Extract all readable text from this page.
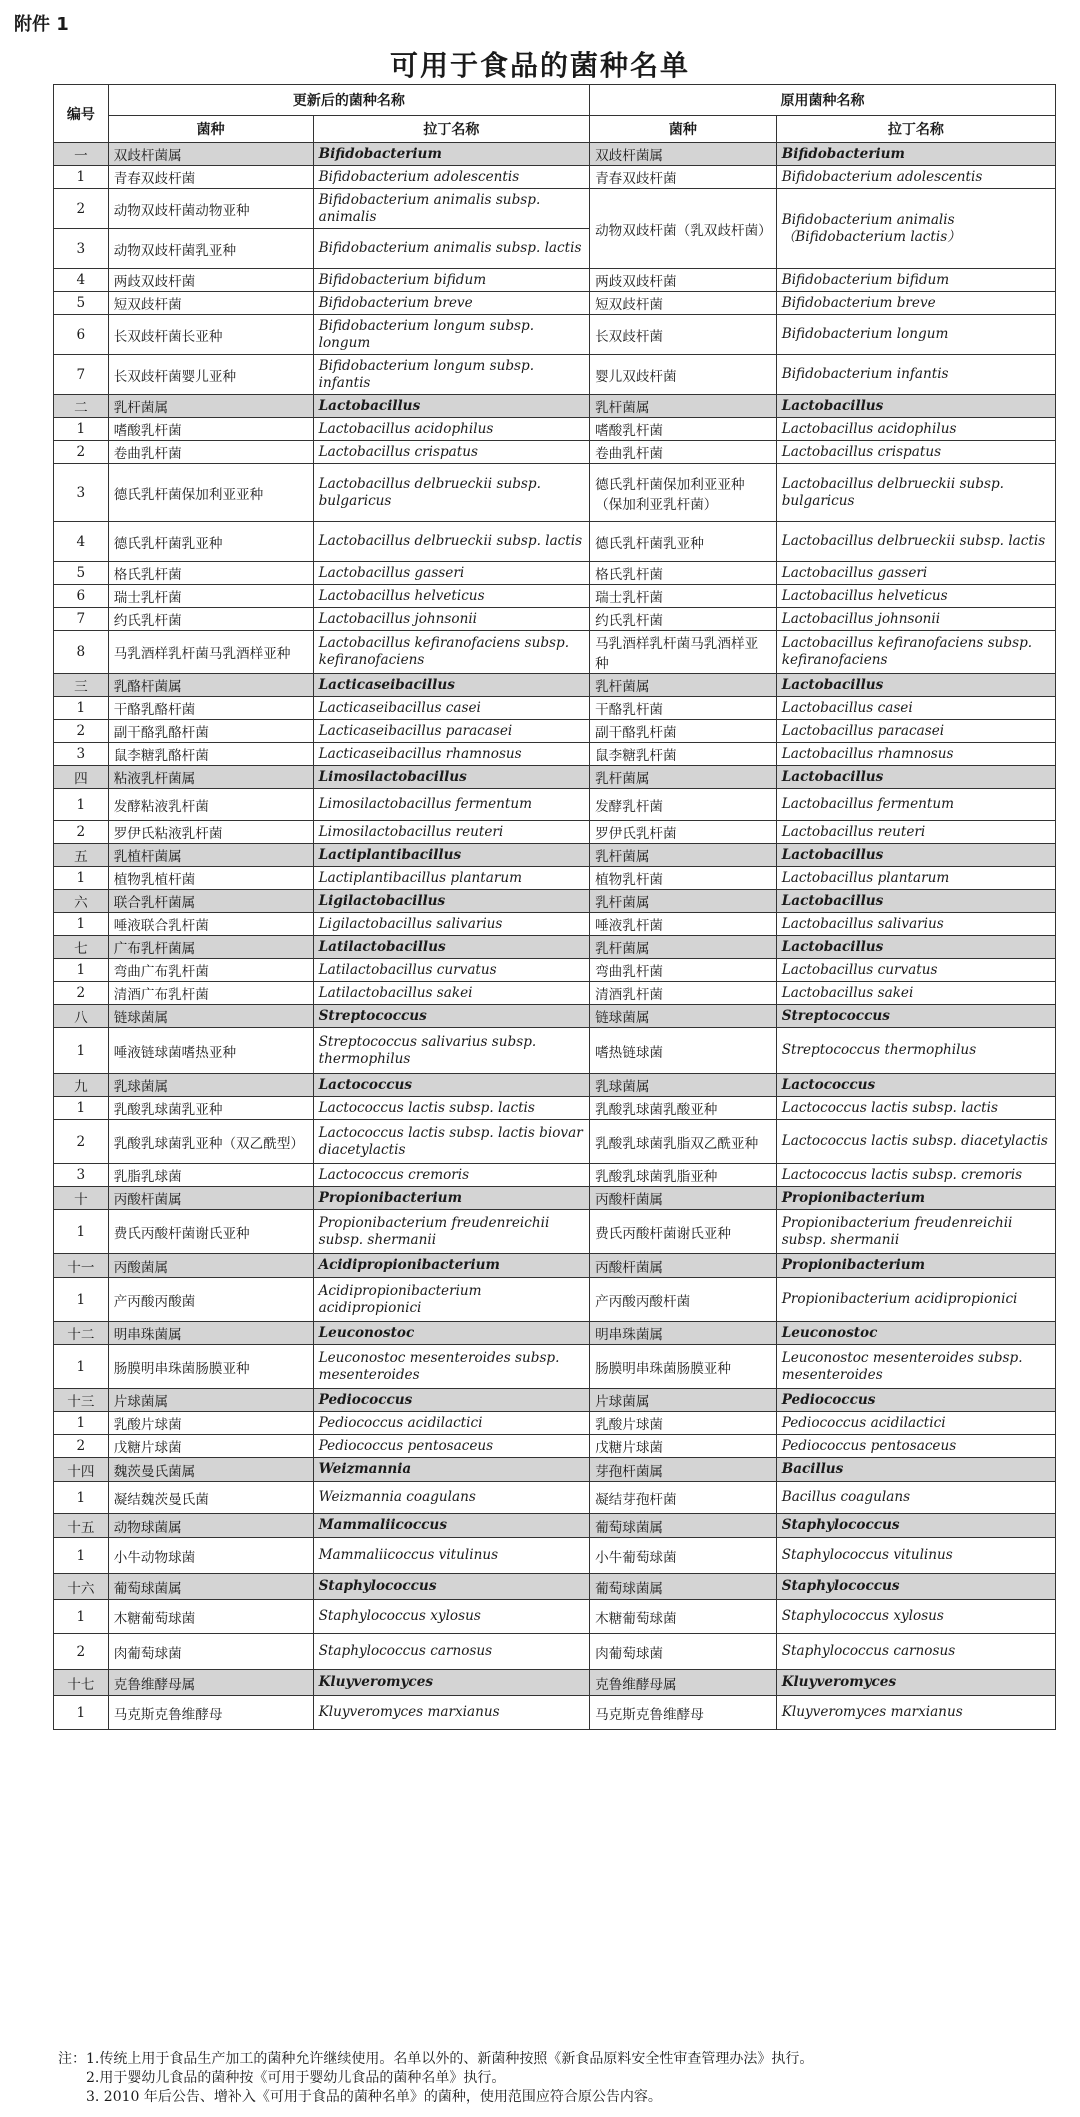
附件 1
可用于食品的菌种名单
编号	更新后的菌种名称		原用菌种名称	
	菌种	拉丁名称	菌种	拉丁名称
一	双歧杆菌属	Bifidobacterium	双歧杆菌属	Bifidobacterium
1	青春双歧杆菌	Bifidobacterium adolescentis	青春双歧杆菌	Bifidobacterium adolescentis
2	动物双歧杆菌动物亚种	Bifidobacterium animalis subsp. animalis	动物双歧杆菌（乳双歧杆菌）	Bifidobacterium animalis（Bifidobacterium lactis）
3	动物双歧杆菌乳亚种	Bifidobacterium animalis subsp. lactis		
4	两歧双歧杆菌	Bifidobacterium bifidum	两歧双歧杆菌	Bifidobacterium bifidum
5	短双歧杆菌	Bifidobacterium breve	短双歧杆菌	Bifidobacterium breve
6	长双歧杆菌长亚种	Bifidobacterium longum subsp. longum	长双歧杆菌	Bifidobacterium longum
7	长双歧杆菌婴儿亚种	Bifidobacterium longum subsp. infantis	婴儿双歧杆菌	Bifidobacterium infantis
二	乳杆菌属	Lactobacillus	乳杆菌属	Lactobacillus
1	嗜酸乳杆菌	Lactobacillus acidophilus	嗜酸乳杆菌	Lactobacillus acidophilus
2	卷曲乳杆菌	Lactobacillus crispatus	卷曲乳杆菌	Lactobacillus crispatus
3	德氏乳杆菌保加利亚亚种	Lactobacillus delbrueckii subsp. bulgaricus	德氏乳杆菌保加利亚亚种（保加利亚乳杆菌）	Lactobacillus delbrueckii subsp. bulgaricus
4	德氏乳杆菌乳亚种	Lactobacillus delbrueckii subsp. lactis	德氏乳杆菌乳亚种	Lactobacillus delbrueckii subsp. lactis
5	格氏乳杆菌	Lactobacillus gasseri	格氏乳杆菌	Lactobacillus gasseri
6	瑞士乳杆菌	Lactobacillus helveticus	瑞士乳杆菌	Lactobacillus helveticus
7	约氏乳杆菌	Lactobacillus johnsonii	约氏乳杆菌	Lactobacillus johnsonii
8	马乳酒样乳杆菌马乳酒样亚种	Lactobacillus kefiranofaciens subsp. kefiranofaciens	马乳酒样乳杆菌马乳酒样亚种	Lactobacillus kefiranofaciens subsp. kefiranofaciens
三	乳酪杆菌属	Lacticaseibacillus	乳杆菌属	Lactobacillus
1	干酪乳酪杆菌	Lacticaseibacillus casei	干酪乳杆菌	Lactobacillus casei
2	副干酪乳酪杆菌	Lacticaseibacillus paracasei	副干酪乳杆菌	Lactobacillus paracasei
3	鼠李糖乳酪杆菌	Lacticaseibacillus rhamnosus	鼠李糖乳杆菌	Lactobacillus rhamnosus
四	粘液乳杆菌属	Limosilactobacillus	乳杆菌属	Lactobacillus
1	发酵粘液乳杆菌	Limosilactobacillus fermentum	发酵乳杆菌	Lactobacillus fermentum
2	罗伊氏粘液乳杆菌	Limosilactobacillus reuteri	罗伊氏乳杆菌	Lactobacillus reuteri
五	乳植杆菌属	Lactiplantibacillus	乳杆菌属	Lactobacillus
1	植物乳植杆菌	Lactiplantibacillus plantarum	植物乳杆菌	Lactobacillus plantarum
六	联合乳杆菌属	Ligilactobacillus	乳杆菌属	Lactobacillus
1	唾液联合乳杆菌	Ligilactobacillus salivarius	唾液乳杆菌	Lactobacillus salivarius
七	广布乳杆菌属	Latilactobacillus	乳杆菌属	Lactobacillus
1	弯曲广布乳杆菌	Latilactobacillus curvatus	弯曲乳杆菌	Lactobacillus curvatus
2	清酒广布乳杆菌	Latilactobacillus sakei	清酒乳杆菌	Lactobacillus sakei
八	链球菌属	Streptococcus	链球菌属	Streptococcus
1	唾液链球菌嗜热亚种	Streptococcus salivarius subsp. thermophilus	嗜热链球菌	Streptococcus thermophilus
九	乳球菌属	Lactococcus	乳球菌属	Lactococcus
1	乳酸乳球菌乳亚种	Lactococcus lactis subsp. lactis	乳酸乳球菌乳酸亚种	Lactococcus lactis subsp. lactis
2	乳酸乳球菌乳亚种（双乙酰型）	Lactococcus lactis subsp. lactis biovar diacetylactis	乳酸乳球菌乳脂双乙酰亚种	Lactococcus lactis subsp. diacetylactis
3	乳脂乳球菌	Lactococcus cremoris	乳酸乳球菌乳脂亚种	Lactococcus lactis subsp. cremoris
十	丙酸杆菌属	Propionibacterium	丙酸杆菌属	Propionibacterium
1	费氏丙酸杆菌谢氏亚种	Propionibacterium freudenreichii subsp. shermanii	费氏丙酸杆菌谢氏亚种	Propionibacterium freudenreichii subsp. shermanii
十一	丙酸菌属	Acidipropionibacterium	丙酸杆菌属	Propionibacterium
1	产丙酸丙酸菌	Acidipropionibacterium acidipropionici	产丙酸丙酸杆菌	Propionibacterium acidipropionici
十二	明串珠菌属	Leuconostoc	明串珠菌属	Leuconostoc
1	肠膜明串珠菌肠膜亚种	Leuconostoc mesenteroides subsp. mesenteroides	肠膜明串珠菌肠膜亚种	Leuconostoc mesenteroides subsp. mesenteroides
十三	片球菌属	Pediococcus	片球菌属	Pediococcus
1	乳酸片球菌	Pediococcus acidilactici	乳酸片球菌	Pediococcus acidilactici
2	戊糖片球菌	Pediococcus pentosaceus	戊糖片球菌	Pediococcus pentosaceus
十四	魏茨曼氏菌属	Weizmannia	芽孢杆菌属	Bacillus
1	凝结魏茨曼氏菌	Weizmannia coagulans	凝结芽孢杆菌	Bacillus coagulans
十五	动物球菌属	Mammaliicoccus	葡萄球菌属	Staphylococcus
1	小牛动物球菌	Mammaliicoccus vitulinus	小牛葡萄球菌	Staphylococcus vitulinus
十六	葡萄球菌属	Staphylococcus	葡萄球菌属	Staphylococcus
1	木糖葡萄球菌	Staphylococcus xylosus	木糖葡萄球菌	Staphylococcus xylosus
2	肉葡萄球菌	Staphylococcus carnosus	肉葡萄球菌	Staphylococcus carnosus
十七	克鲁维酵母属	Kluyveromyces	克鲁维酵母属	Kluyveromyces
1	马克斯克鲁维酵母	Kluyveromyces marxianus	马克斯克鲁维酵母	Kluyveromyces marxianus
注：1.传统上用于食品生产加工的菌种允许继续使用。名单以外的、新菌种按照《新食品原料安全性审查管理办法》执行。
2.用于婴幼儿食品的菌种按《可用于婴幼儿食品的菌种名单》执行。
3. 2010 年后公告、增补入《可用于食品的菌种名单》的菌种，使用范围应符合原公告内容。
